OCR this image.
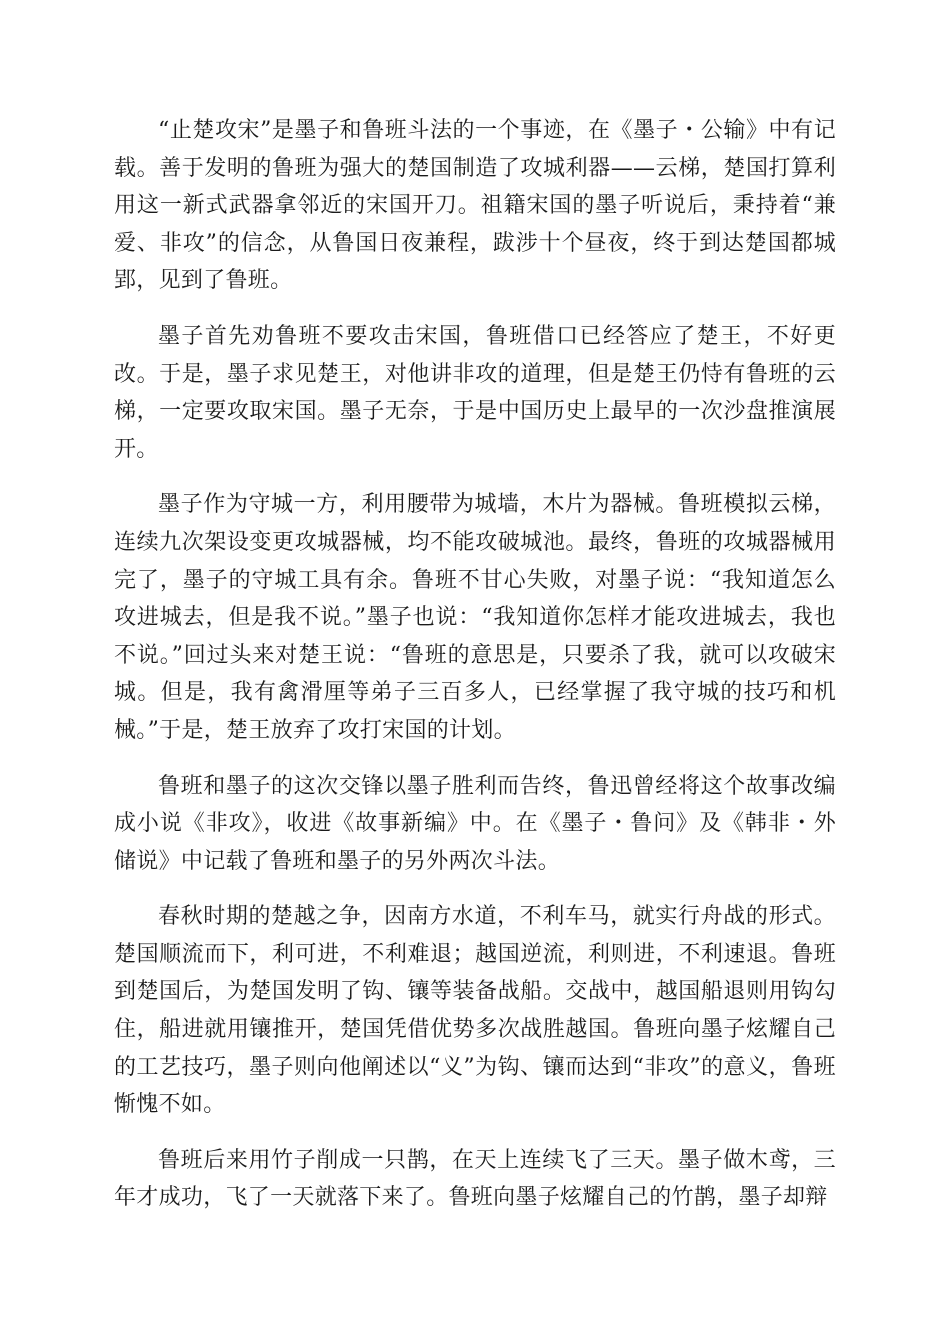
“止楚攻宋”是墨子和鲁班斗法的一个事迹，在《墨子・公输》中有记载。善于发明的鲁班为强大的楚国制造了攻城利器——云梯，楚国打算利用这一新式武器拿邻近的宋国开刀。祖籍宋国的墨子听说后，秉持着“兼爱、非攻”的信念，从鲁国日夜兼程，跋涉十个昼夜，终于到达楚国都城郢，见到了鲁班。

墨子首先劝鲁班不要攻击宋国，鲁班借口已经答应了楚王，不好更改。于是，墨子求见楚王，对他讲非攻的道理，但是楚王仍恃有鲁班的云梯，一定要攻取宋国。墨子无奈，于是中国历史上最早的一次沙盘推演展开。

墨子作为守城一方，利用腰带为城墙，木片为器械。鲁班模拟云梯，连续九次架设变更攻城器械，均不能攻破城池。最终，鲁班的攻城器械用完了，墨子的守城工具有余。鲁班不甘心失败，对墨子说：“我知道怎么攻进城去，但是我不说。”墨子也说：“我知道你怎样才能攻进城去，我也不说。”回过头来对楚王说：“鲁班的意思是，只要杀了我，就可以攻破宋城。但是，我有禽滑厘等弟子三百多人，已经掌握了我守城的技巧和机械。”于是，楚王放弃了攻打宋国的计划。

鲁班和墨子的这次交锋以墨子胜利而告终，鲁迅曾经将这个故事改编成小说《非攻》，收进《故事新编》中。在《墨子・鲁问》及《韩非・外储说》中记载了鲁班和墨子的另外两次斗法。

春秋时期的楚越之争，因南方水道，不利车马，就实行舟战的形式。楚国顺流而下，利可进，不利难退；越国逆流，利则进，不利速退。鲁班到楚国后，为楚国发明了钩、镶等装备战船。交战中，越国船退则用钩勾住，船进就用镶推开，楚国凭借优势多次战胜越国。鲁班向墨子炫耀自己的工艺技巧，墨子则向他阐述以“义”为钩、镶而达到“非攻”的意义，鲁班惭愧不如。

鲁班后来用竹子削成一只鹊，在天上连续飞了三天。墨子做木鸢，三年才成功，飞了一天就落下来了。鲁班向墨子炫耀自己的竹鹊，墨子却辩
